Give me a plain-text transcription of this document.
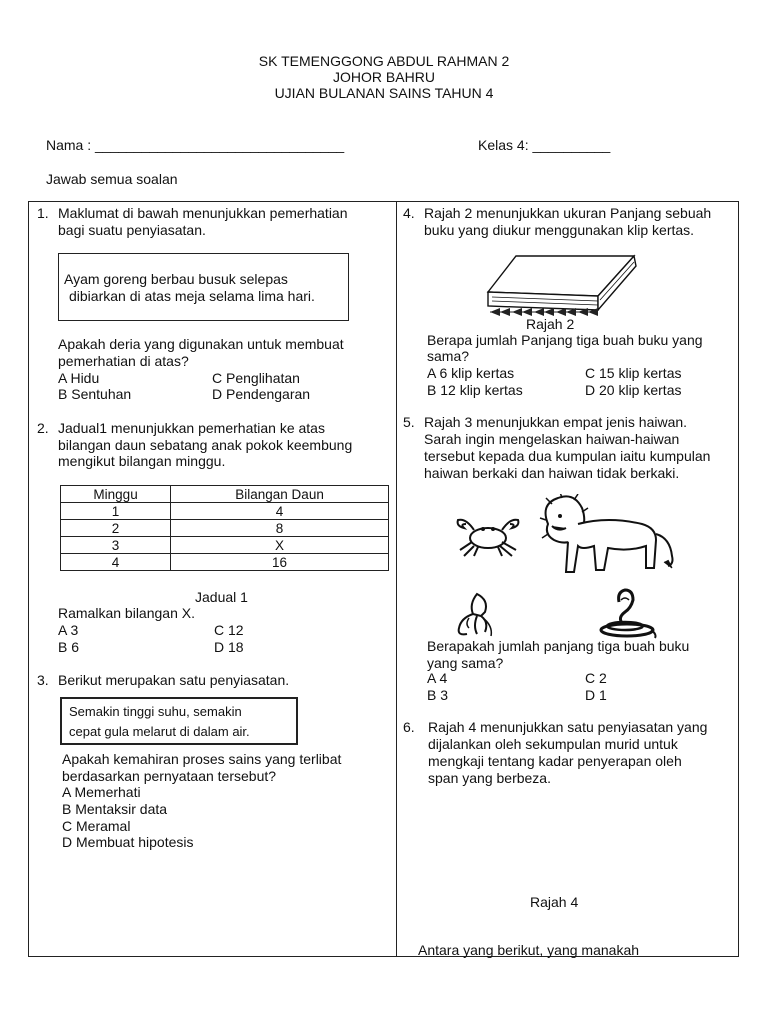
SK TEMENGGONG ABDUL RAHMAN 2
JOHOR BAHRU
UJIAN BULANAN SAINS TAHUN 4
Nama : ________________________________	Kelas 4: __________
Jawab semua soalan
1. Maklumat di bawah menunjukkan pemerhatian
bagi suatu penyiasatan.
Ayam goreng berbau busuk selepas
dibiarkan di atas meja selama lima hari.
Apakah deria yang digunakan untuk membuat
pemerhatian di atas?
A Hidu	C Penglihatan
B Sentuhan	D Pendengaran
2. Jadual1 menunjukkan pemerhatian ke atas
bilangan daun sebatang anak pokok keembung
mengikut bilangan minggu.
Minggu	Bilangan Daun
1	4
2	8
3	X
4	16
Jadual 1
Ramalkan bilangan X.
A 3	C 12
B 6	D 18
3. Berikut merupakan satu penyiasatan.
Semakin tinggi suhu, semakin
cepat gula melarut di dalam air.
Apakah kemahiran proses sains yang terlibat
berdasarkan pernyataan tersebut?
A Memerhati
B Mentaksir data
C Meramal
D Membuat hipotesis
4. Rajah 2 menunjukkan ukuran Panjang sebuah
buku yang diukur menggunakan klip kertas.
Rajah 2
Berapa jumlah Panjang tiga buah buku yang
sama?
A 6 klip kertas	C 15 klip kertas
B 12 klip kertas	D 20 klip kertas
5. Rajah 3 menunjukkan empat jenis haiwan.
Sarah ingin mengelaskan haiwan-haiwan
tersebut kepada dua kumpulan iaitu kumpulan
haiwan berkaki dan haiwan tidak berkaki.
Berapakah jumlah panjang tiga buah buku
yang sama?
A 4	C 2
B 3	D 1
6. Rajah 4 menunjukkan satu penyiasatan yang
dijalankan oleh sekumpulan murid untuk
mengkaji tentang kadar penyerapan oleh
span yang berbeza.
Rajah 4
Antara yang berikut, yang manakah
